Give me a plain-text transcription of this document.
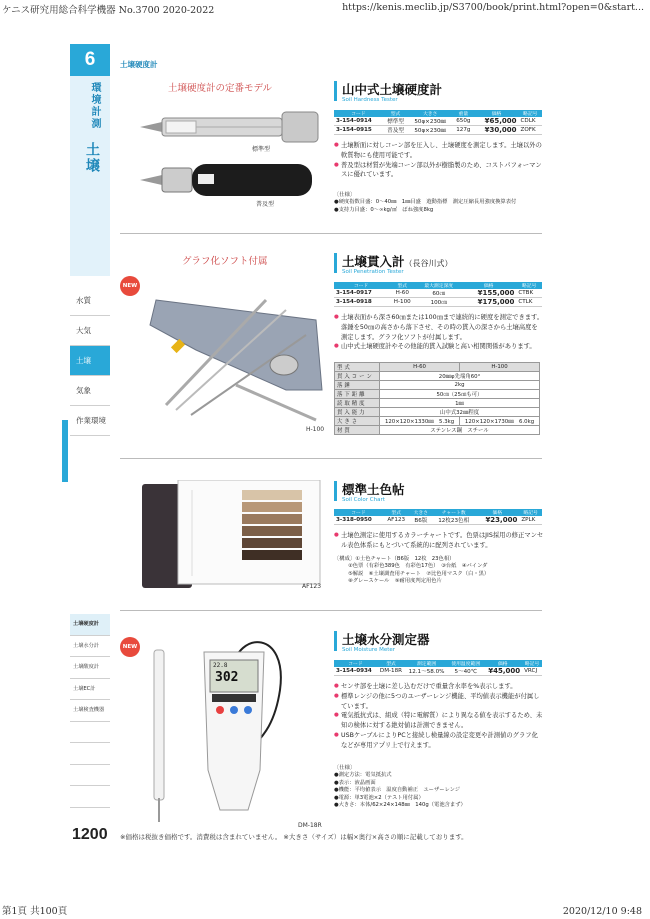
ケニス研究用総合科学機器 No.3700 2020-2022	https://kenis.meclib.jp/S3700/book/print.html?open=0&start...
第1頁 共100頁	2020/12/10 9:48
6
環境計測
土壌
水質
大気
土壌
気象
作業環境
土壌硬度計
土壌水分計
土壌酸度計
土壌EC計
土壌検査機器
1200 ※価格は税抜き価格です。消費税は含まれていません。 ※大きさ（サイズ）は幅×奥行×高さの順に記載しております。
土壌硬度計
土壌硬度計の定番モデル
標準型
普及型
山中式土壌硬度計
Soil Hardness Tester
コード	型式	大きさ	重量	価格	略記号
3-154-0914	標準型	50φ×230㎜	650g	¥65,000	CDLK
3-154-0915	普及型	50φ×230㎜	127g	¥30,000	ZOFK
● 土壌断面に対しコーン部を圧入し、土壌硬度を測定します。土壌以外の軟質物にも使用可能です。
● 普及型は材質が先端コーン部以外が樹脂製のため、コストパフォーマンスに優れています。
〔仕様〕
●硬度指数目盛：0～40㎜　1㎜目盛　遊動指標　測定圧縮長用強度換算表付
●支持力目盛：0～∞kg/㎠　ばね強度8kg
グラフ化ソフト付属
NEW
H-100
土壌貫入計（長谷川式）
Soil Penetration Tester
コード	型式	最大測定深度	価格	略記号
3-154-0917	H-60	60㎝	¥155,000	CTBK
3-154-0918	H-100	100㎝	¥175,000	CTLK
● 土壌表面から深さ60㎝または100㎝まで連続的に硬度を測定できます。落錘を50㎝の高さから落下させ、その時の貫入の深さから土壌高度を測定します。グラフ化ソフトが付属します。
● 山中式土壌硬度計やその他能的貫入試験と高い相関関係があります。
型式	H-60	H-100
貫入コーン	20㎜φ先端角60°	
落錘	2kg	
落下距離	50㎝（25㎝も可）	
読取精度	1㎜	
貫入能力	山中式32㎜程度	
大きさ	120×120×1330㎜　5.3kg	120×120×1730㎜　6.0kg
材質	ステンレス鋼　スチール	
AF123
標準土色帖
Soil Color Chart
コード	型式	大きさ	チャート数	価格	略記号
3-318-0950	AF123	B6版	12枚23色相	¥23,000	ZPLK
● 土壌色測定に使用するカラーチャートです。色票はJIS採用の修正マンセル表色体系にもとづいて系統的に配列されています。
〔構成〕①土色チャート（B6版　12枚　23色相）
②色票（有彩色389色　有彩色17色）　③台紙　④バインダ
⑤解説　⑥土壌調査用チャート　⑦比色用マスク（白・黒）
⑧グレースケール　⑨耐用度判定用色片
NEW
22.8
302
DM-18R
土壌水分測定器
Soil Moisture Meter
コード	型式	測定範囲	使用温度範囲	価格	略記号
3-154-0934	DM-18R	12.1～58.0%	5～40℃	¥45,000	VRCJ
● センサ部を土壌に差し込むだけで重量含水率を%表示します。
● 標準レンジの他に5つのユーザーレンジ機能、平均値表示機能が付属しています。
● 電気抵抗式は、組成（特に電解質）により異なる値を表示するため、未知の検体に対する絶対値は計測できません。
● USBケーブルによりPCと接続し検量線の設定変更や計測値のグラフ化などが専用アプリ上で行えます。
〔仕様〕
●測定方法：電気抵抗式
●表示：液晶画面
●機能：平均値表示　温度自動補正　ユーザーレンジ
●電源：単3電池×2（テスト用付属）
●大きさ：本体/62×24×148㎜　140g（電池含まず）
